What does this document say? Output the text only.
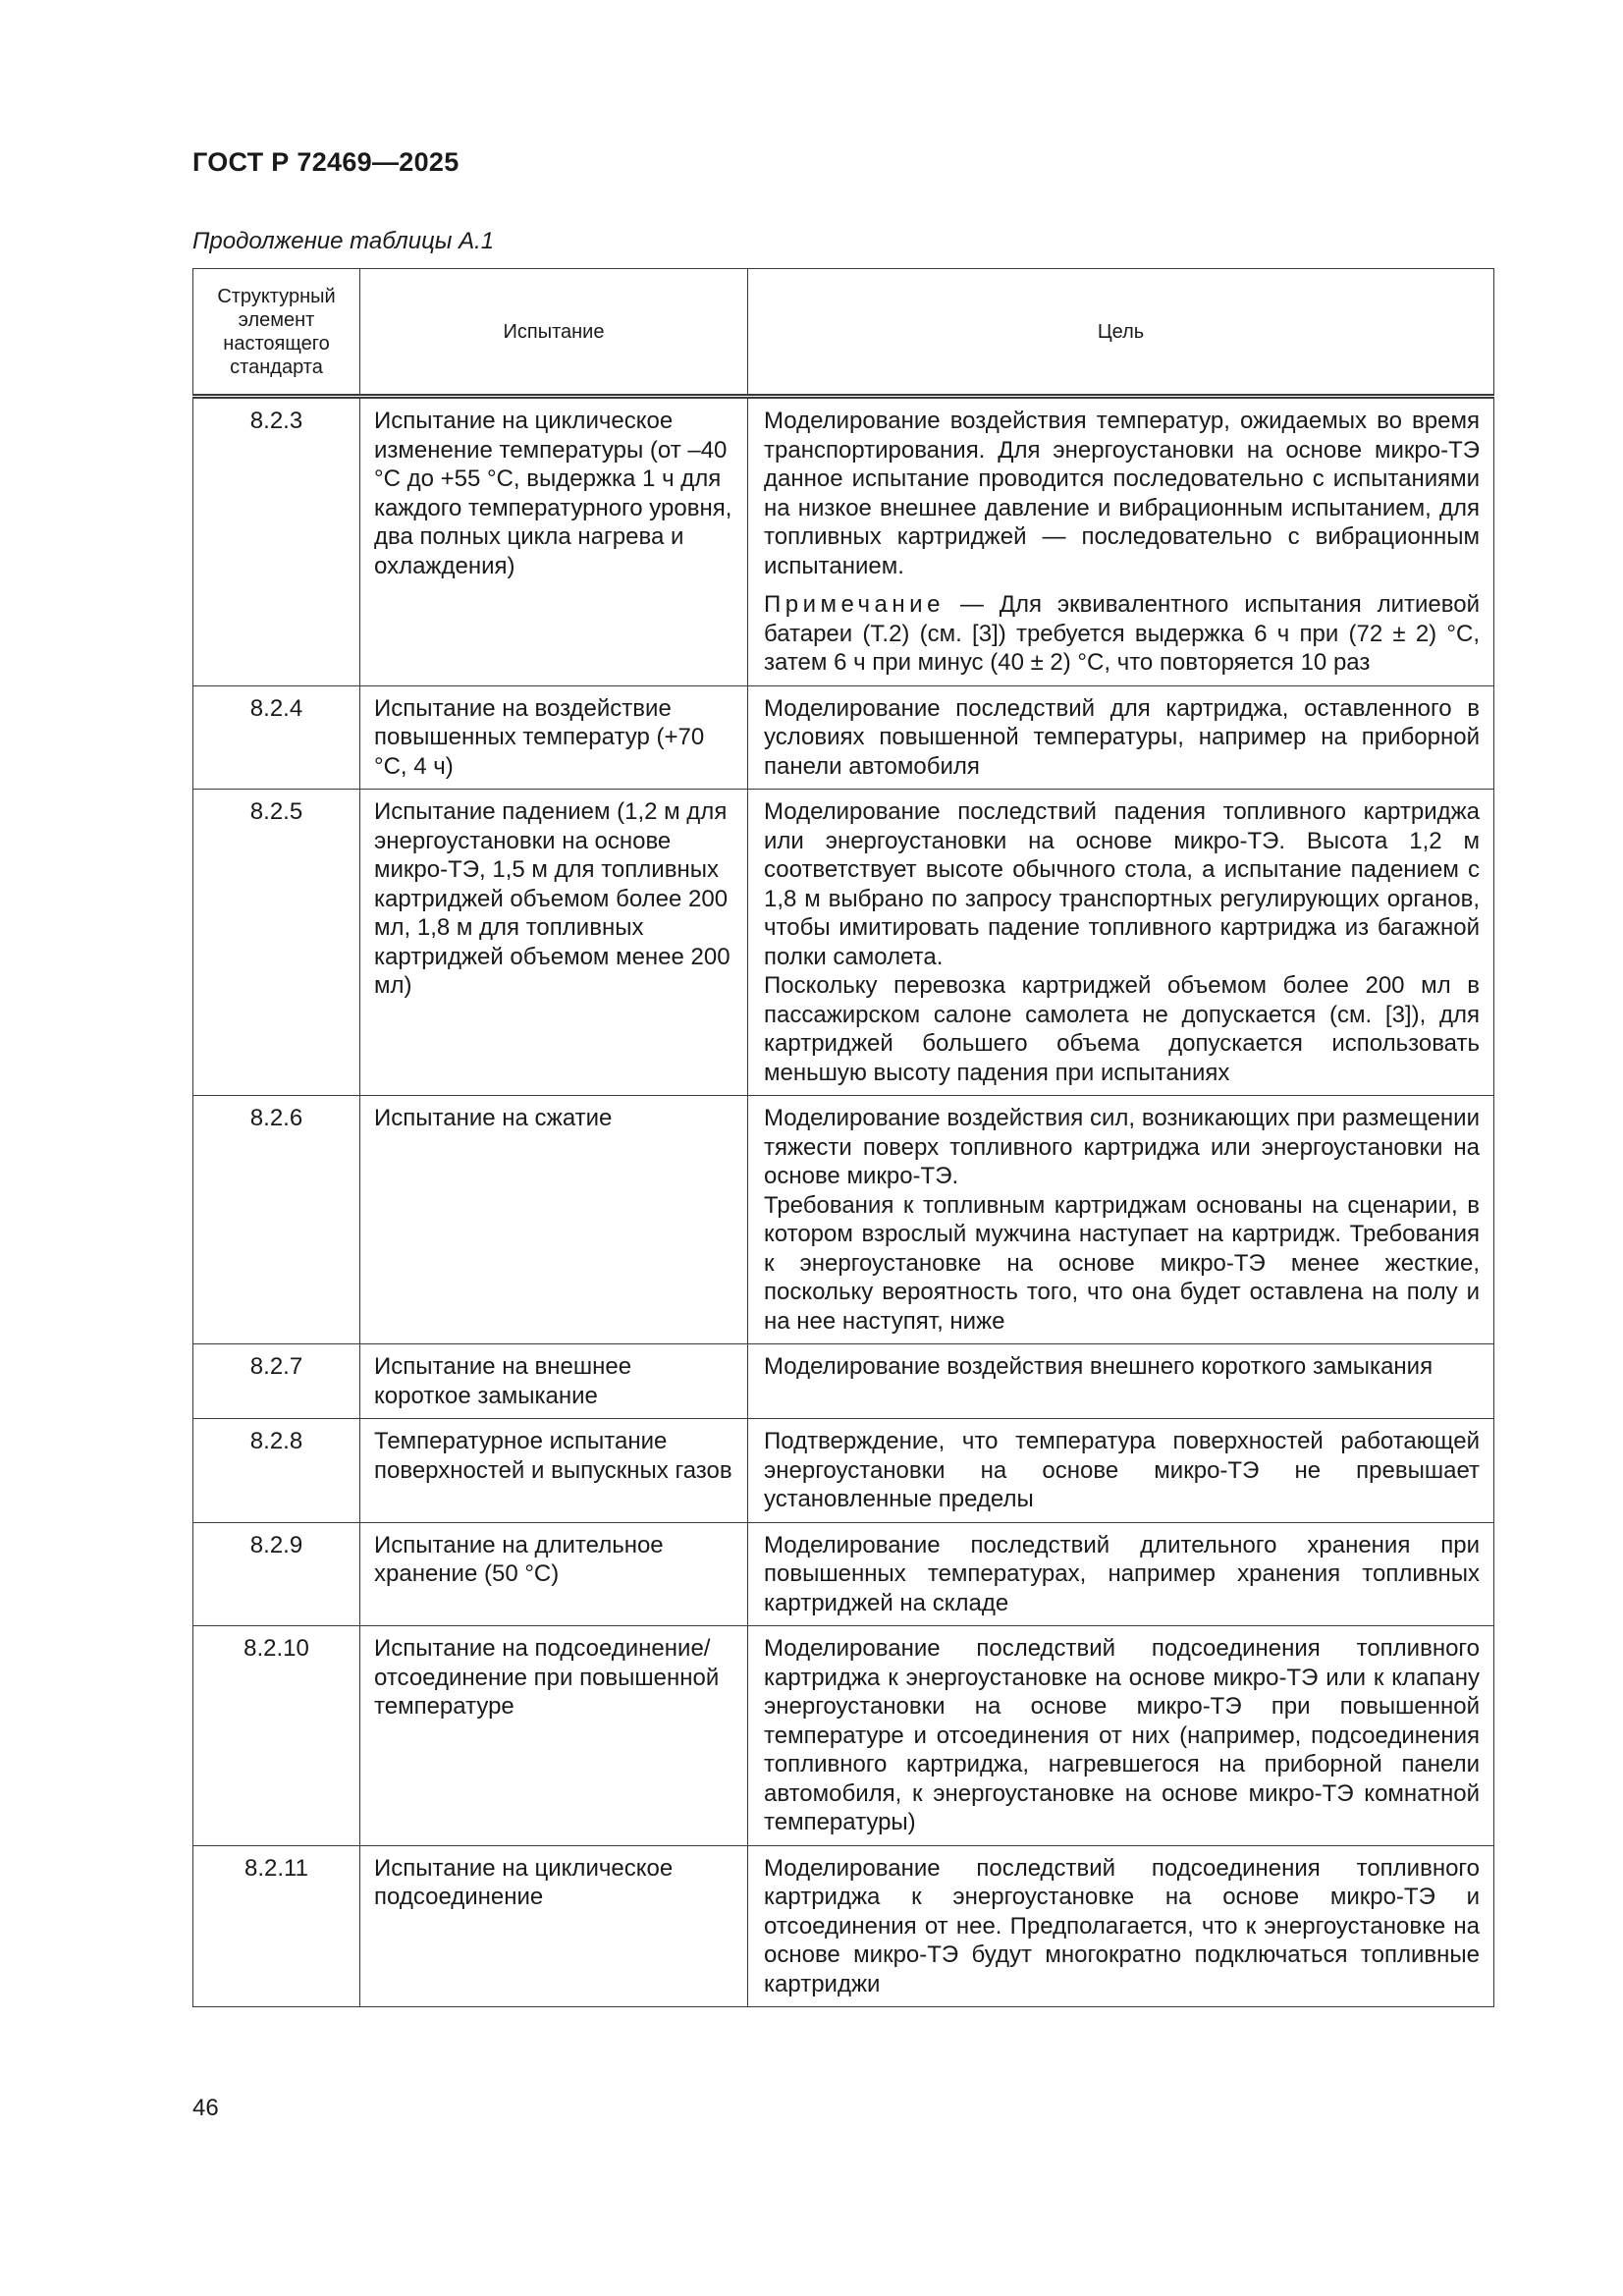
ГОСТ Р 72469—2025
Продолжение таблицы А.1
Структурный элемент настоящего стандарта	Испытание	Цель
8.2.3	Испытание на циклическое изменение температуры (от –40 °C до +55 °C, выдержка 1 ч для каждого температурного уровня, два полных цикла нагрева и охлаждения)	Моделирование воздействия температур, ожидаемых во время транспортирования. Для энергоустановки на основе микро-ТЭ данное испытание проводится последовательно с испытаниями на низкое внешнее давление и вибрационным испытанием, для топливных картриджей — последовательно с вибрационным испытанием.
Примечание — Для эквивалентного испытания литиевой батареи (Т.2) (см. [3]) требуется выдержка 6 ч при (72 ± 2) °C, затем 6 ч при минус (40 ± 2) °C, что повторяется 10 раз

8.2.4	Испытание на воздействие повышенных температур (+70 °C, 4 ч)	Моделирование последствий для картриджа, оставленного в условиях повышенной температуры, например на приборной панели автомобиля

8.2.5	Испытание падением (1,2 м для энергоустановки на основе микро-ТЭ, 1,5 м для топливных картриджей объемом более 200 мл, 1,8 м для топливных картриджей объемом менее 200 мл)	Моделирование последствий падения топливного картриджа или энергоустановки на основе микро-ТЭ. Высота 1,2 м соответствует высоте обычного стола, а испытание падением с 1,8 м выбрано по запросу транспортных регулирующих органов, чтобы имитировать падение топливного картриджа из багажной полки самолета.
Поскольку перевозка картриджей объемом более 200 мл в пассажирском салоне самолета не допускается (см. [3]), для картриджей большего объема допускается использовать меньшую высоту падения при испытаниях

8.2.6	Испытание на сжатие	Моделирование воздействия сил, возникающих при размещении тяжести поверх топливного картриджа или энергоустановки на основе микро-ТЭ.
Требования к топливным картриджам основаны на сценарии, в котором взрослый мужчина наступает на картридж. Требования к энергоустановке на основе микро-ТЭ менее жесткие, поскольку вероятность того, что она будет оставлена на полу и на нее наступят, ниже

8.2.7	Испытание на внешнее короткое замыкание	Моделирование воздействия внешнего короткого замыкания

8.2.8	Температурное испытание поверхностей и выпускных газов	Подтверждение, что температура поверхностей работающей энергоустановки на основе микро-ТЭ не превышает установленные пределы

8.2.9	Испытание на длительное хранение (50 °C)	Моделирование последствий длительного хранения при повышенных температурах, например хранения топливных картриджей на складе

8.2.10	Испытание на подсоединение/ отсоединение при повышенной температуре	Моделирование последствий подсоединения топливного картриджа к энергоустановке на основе микро-ТЭ или к клапану энергоустановки на основе микро-ТЭ при повышенной температуре и отсоединения от них (например, подсоединения топливного картриджа, нагревшегося на приборной панели автомобиля, к энергоустановке на основе микро-ТЭ комнатной температуры)

8.2.11	Испытание на циклическое подсоединение	Моделирование последствий подсоединения топливного картриджа к энергоустановке на основе микро-ТЭ и отсоединения от нее. Предполагается, что к энергоустановке на основе микро-ТЭ будут многократно подключаться топливные картриджи
46
